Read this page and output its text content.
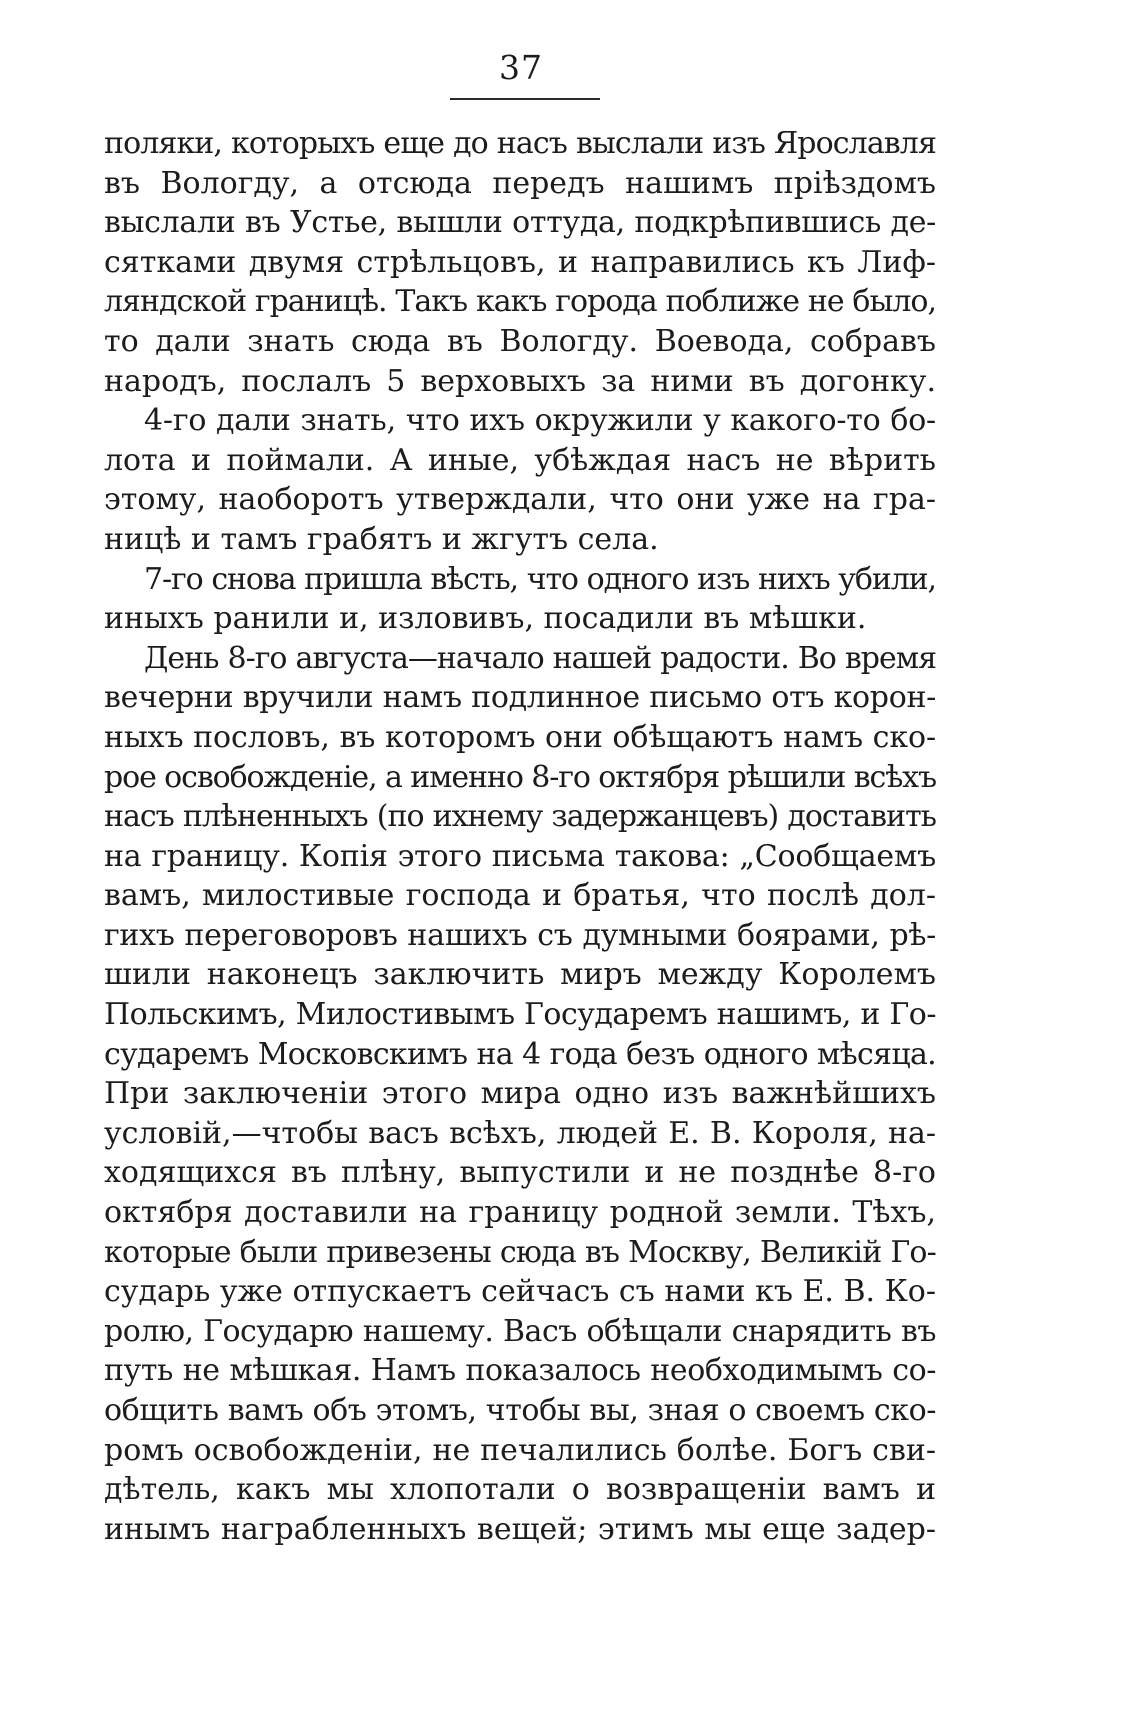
37
поляки, которыхъ еще до насъ выслали изъ Ярославля
въ Вологду, а отсюда передъ нашимъ пріѣздомъ
выслали въ Устье, вышли оттуда, подкрѣпившись де-
сятками двумя стрѣльцовъ, и направились къ Лиф-
ляндской границѣ. Такъ какъ города поближе не было,
то дали знать сюда въ Вологду. Воевода, собравъ
народъ, послалъ 5 верховыхъ за ними въ догонку.
4-го дали знать, что ихъ окружили у какого-то бо-
лота и поймали. А иные, убѣждая насъ не вѣрить
этому, наоборотъ утверждали, что они уже на гра-
ницѣ и тамъ грабятъ и жгутъ села.
7-го снова пришла вѣсть, что одного изъ нихъ убили,
иныхъ ранили и, изловивъ, посадили въ мѣшки.
День 8-го августа—начало нашей радости. Во время
вечерни вручили намъ подлинное письмо отъ корон-
ныхъ пословъ, въ которомъ они обѣщаютъ намъ ско-
рое освобожденіе, а именно 8-го октября рѣшили всѣхъ
насъ плѣненныхъ (по ихнему задержанцевъ) доставить
на границу. Копія этого письма такова: „Сообщаемъ
вамъ, милостивые господа и братья, что послѣ дол-
гихъ переговоровъ нашихъ съ думными боярами, рѣ-
шили наконецъ заключить миръ между Королемъ
Польскимъ, Милостивымъ Государемъ нашимъ, и Го-
сударемъ Московскимъ на 4 года безъ одного мѣсяца.
При заключеніи этого мира одно изъ важнѣйшихъ
условій,—чтобы васъ всѣхъ, людей Е. В. Короля, на-
ходящихся въ плѣну, выпустили и не позднѣе 8-го
октября доставили на границу родной земли. Тѣхъ,
которые были привезены сюда въ Москву, Великій Го-
сударь уже отпускаетъ сейчасъ съ нами къ Е. В. Ко-
ролю, Государю нашему. Васъ обѣщали снарядить въ
путь не мѣшкая. Намъ показалось необходимымъ со-
общить вамъ объ этомъ, чтобы вы, зная о своемъ ско-
ромъ освобожденіи, не печалились болѣе. Богъ сви-
дѣтель, какъ мы хлопотали о возвращеніи вамъ и
инымъ награбленныхъ вещей; этимъ мы еще задер-
